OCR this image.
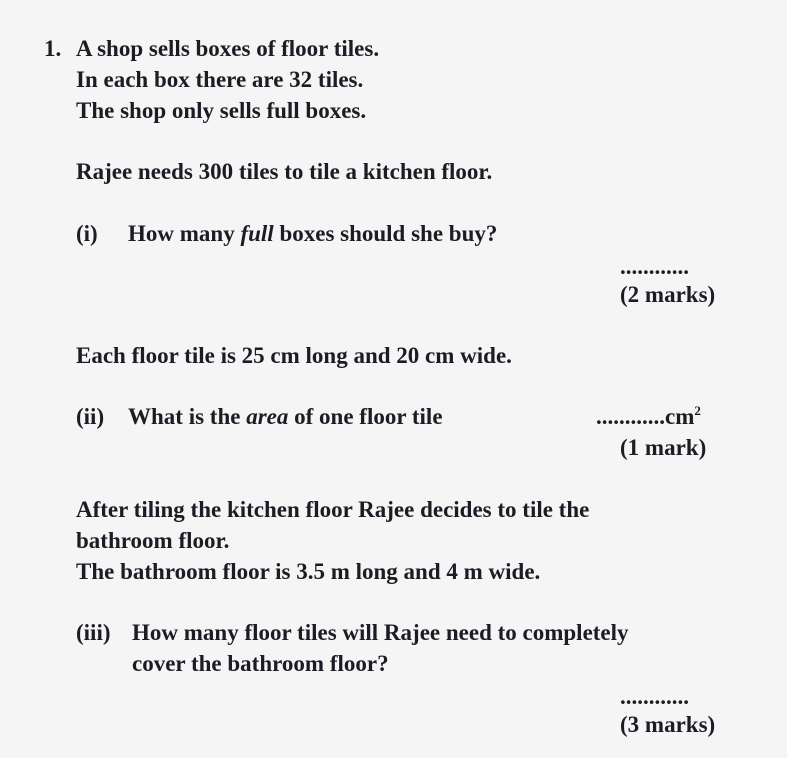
1. A shop sells boxes of floor tiles.
In each box there are 32 tiles.
The shop only sells full boxes.
Rajee needs 300 tiles to tile a kitchen floor.
(i) How many full boxes should she buy?
............
(2 marks)
Each floor tile is 25 cm long and 20 cm wide.
(ii) What is the area of one floor tile	$............cm^2$
(1 mark)
After tiling the kitchen floor Rajee decides to tile the
bathroom floor.
The bathroom floor is 3.5 m long and 4 m wide.
(iii) How many floor tiles will Rajee need to completely
cover the bathroom floor?
............
(3 marks)
